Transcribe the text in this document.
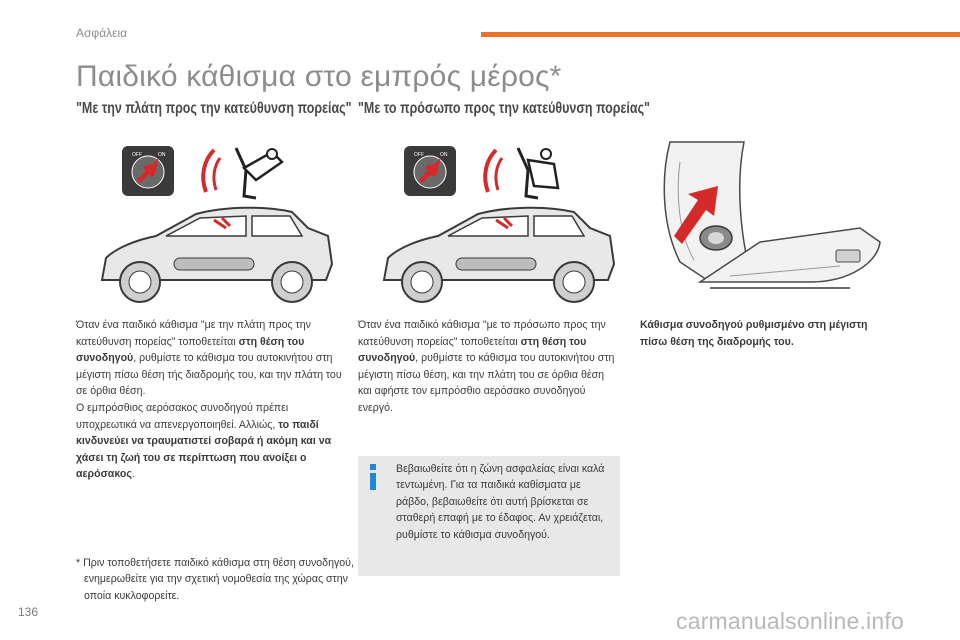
Ασφάλεια
Παιδικό κάθισμα στο εμπρός μέρος*
"Με την πλάτη προς την κατεύθυνση πορείας" "Με το πρόσωπο προς την κατεύθυνση πορείας"
OFF	ON	OFF	ON
Όταν ένα παιδικό κάθισμα "με την πλάτη προς την κατεύθυνση πορείας" τοποθετείται στη θέση του συνοδηγού, ρυθμίστε το κάθισμα του αυτοκινήτου στη μέγιστη πίσω θέση τής διαδρομής του, και την πλάτη του σε όρθια θέση.
Ο εμπρόσθιος αερόσακος συνοδηγού πρέπει υποχρεωτικά να απενεργοποιηθεί. Αλλιώς, το παιδί κινδυνεύει να τραυματιστεί σοβαρά ή ακόμη και να χάσει τη ζωή του σε περίπτωση που ανοίξει ο αερόσακος.
Όταν ένα παιδικό κάθισμα "με το πρόσωπο προς την κατεύθυνση πορείας" τοποθετείται στη θέση του συνοδηγού, ρυθμίστε το κάθισμα του αυτοκινήτου στη μέγιστη πίσω θέση, και την πλάτη του σε όρθια θέση και αφήστε τον εμπρόσθιο αερόσακο συνοδηγού ενεργό.
Κάθισμα συνοδηγού ρυθμισμένο στη μέγιστη πίσω θέση της διαδρομής του.
Βεβαιωθείτε ότι η ζώνη ασφαλείας είναι καλά τεντωμένη. Για τα παιδικά καθίσματα με ράβδο, βεβαιωθείτε ότι αυτή βρίσκεται σε σταθερή επαφή με το έδαφος. Αν χρειάζεται, ρυθμίστε το κάθισμα συνοδηγού.
* Πριν τοποθετήσετε παιδικό κάθισμα στη θέση συνοδηγού, ενημερωθείτε για την σχετική νομοθεσία της χώρας στην οποία κυκλοφορείτε.
136	carmanualsonline.info
